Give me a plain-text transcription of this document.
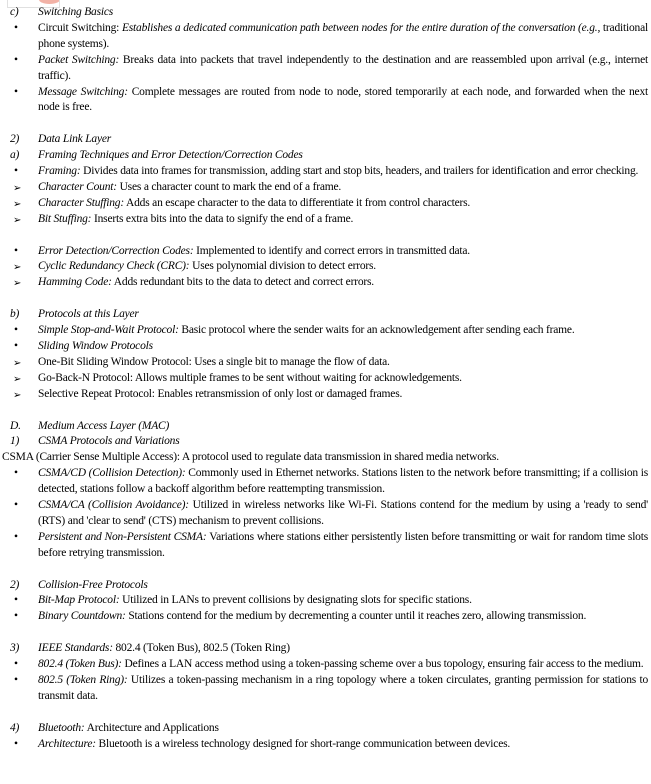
c) Switching Basics
• Circuit Switching: Establishes a dedicated communication path between nodes for the entire duration of the conversation (e.g., traditional phone systems).
• Packet Switching: Breaks data into packets that travel independently to the destination and are reassembled upon arrival (e.g., internet traffic).
• Message Switching: Complete messages are routed from node to node, stored temporarily at each node, and forwarded when the next node is free.
2) Data Link Layer
a) Framing Techniques and Error Detection/Correction Codes
• Framing: Divides data into frames for transmission, adding start and stop bits, headers, and trailers for identification and error checking.
➢ Character Count: Uses a character count to mark the end of a frame.
➢ Character Stuffing: Adds an escape character to the data to differentiate it from control characters.
➢ Bit Stuffing: Inserts extra bits into the data to signify the end of a frame.
• Error Detection/Correction Codes: Implemented to identify and correct errors in transmitted data.
➢ Cyclic Redundancy Check (CRC): Uses polynomial division to detect errors.
➢ Hamming Code: Adds redundant bits to the data to detect and correct errors.
b) Protocols at this Layer
• Simple Stop-and-Wait Protocol: Basic protocol where the sender waits for an acknowledgement after sending each frame.
• Sliding Window Protocols
➢ One-Bit Sliding Window Protocol: Uses a single bit to manage the flow of data.
➢ Go-Back-N Protocol: Allows multiple frames to be sent without waiting for acknowledgements.
➢ Selective Repeat Protocol: Enables retransmission of only lost or damaged frames.
D. Medium Access Layer (MAC)
1) CSMA Protocols and Variations
CSMA (Carrier Sense Multiple Access): A protocol used to regulate data transmission in shared media networks.
• CSMA/CD (Collision Detection): Commonly used in Ethernet networks. Stations listen to the network before transmitting; if a collision is detected, stations follow a backoff algorithm before reattempting transmission.
• CSMA/CA (Collision Avoidance): Utilized in wireless networks like Wi-Fi. Stations contend for the medium by using a 'ready to send' (RTS) and 'clear to send' (CTS) mechanism to prevent collisions.
• Persistent and Non-Persistent CSMA: Variations where stations either persistently listen before transmitting or wait for random time slots before retrying transmission.
2) Collision-Free Protocols
• Bit-Map Protocol: Utilized in LANs to prevent collisions by designating slots for specific stations.
• Binary Countdown: Stations contend for the medium by decrementing a counter until it reaches zero, allowing transmission.
3) IEEE Standards: 802.4 (Token Bus), 802.5 (Token Ring)
• 802.4 (Token Bus): Defines a LAN access method using a token-passing scheme over a bus topology, ensuring fair access to the medium.
• 802.5 (Token Ring): Utilizes a token-passing mechanism in a ring topology where a token circulates, granting permission for stations to transmit data.
4) Bluetooth: Architecture and Applications
• Architecture: Bluetooth is a wireless technology designed for short-range communication between devices.
